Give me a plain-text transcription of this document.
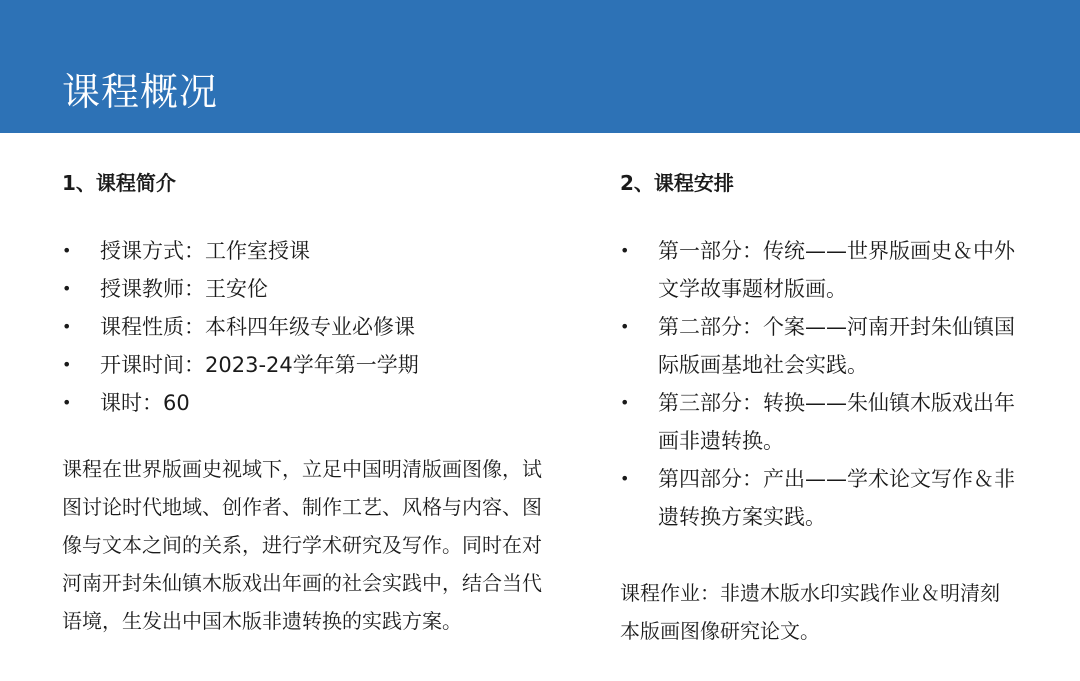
课程概况
1、课程简介
• 授课方式：工作室授课
• 授课教师：王安伦
• 课程性质：本科四年级专业必修课
• 开课时间：2023-24学年第一学期
• 课时：60

课程在世界版画史视域下，立足中国明清版画图像，试
图讨论时代地域、创作者、制作工艺、风格与内容、图
像与文本之间的关系，进行学术研究及写作。同时在对
河南开封朱仙镇木版戏出年画的社会实践中，结合当代
语境，生发出中国木版非遗转换的实践方案。

2、课程安排
• 第一部分：传统——世界版画史＆中外
文学故事题材版画。
• 第二部分：个案——河南开封朱仙镇国
际版画基地社会实践。
• 第三部分：转换——朱仙镇木版戏出年
画非遗转换。
• 第四部分：产出——学术论文写作＆非
遗转换方案实践。

课程作业：非遗木版水印实践作业＆明清刻
本版画图像研究论文。
